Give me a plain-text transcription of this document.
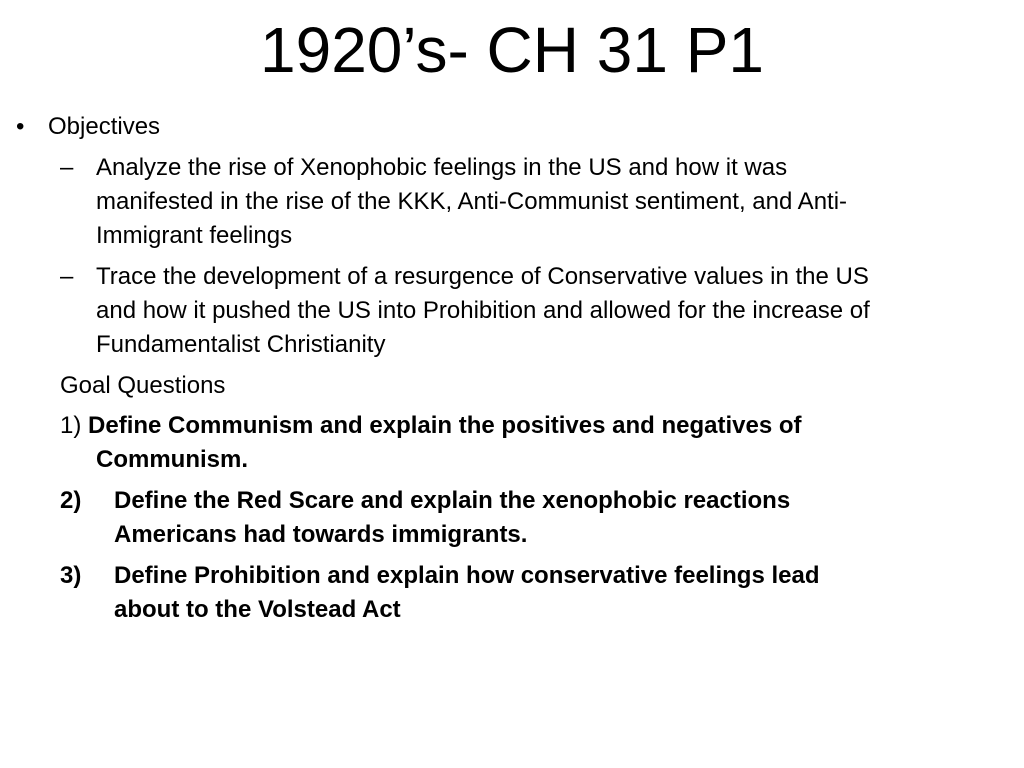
1920’s- CH 31 P1
• Objectives
– Analyze the rise of Xenophobic feelings in the US and how it was
manifested in the rise of the KKK, Anti-Communist sentiment, and Anti-
Immigrant feelings
– Trace the development of a resurgence of Conservative values in the US
and how it pushed the US into Prohibition and allowed for the increase of
Fundamentalist Christianity
Goal Questions
1) Define Communism and explain the positives and negatives of
Communism.
2) Define the Red Scare and explain the xenophobic reactions
Americans had towards immigrants.
3) Define Prohibition and explain how conservative feelings lead
about to the Volstead Act
